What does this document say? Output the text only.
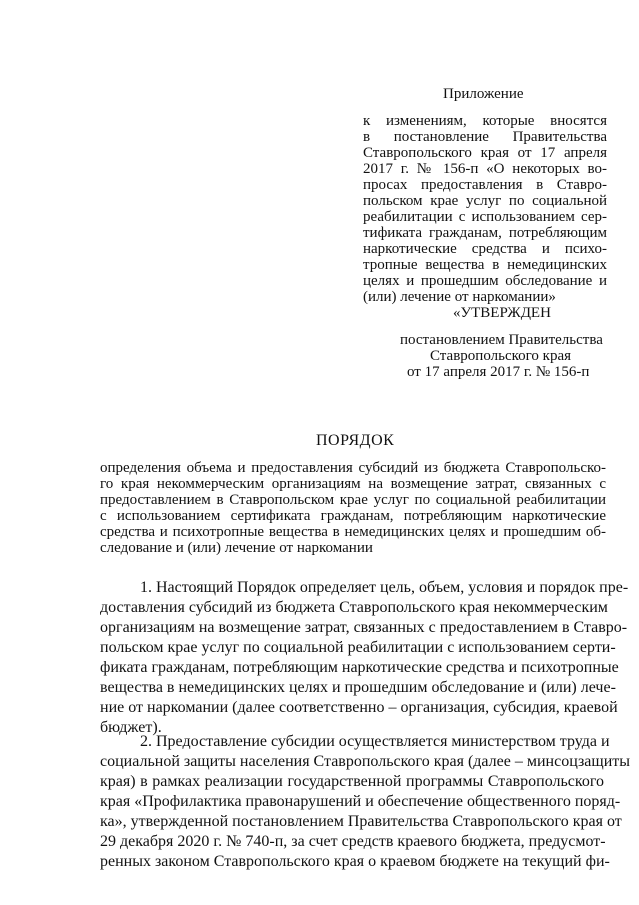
Приложение
к изменениям, которые вносятся
в постановление Правительства
Ставропольского края от 17 апреля
2017 г. № 156-п «О некоторых во-
просах предоставления в Ставро-
польском крае услуг по социальной
реабилитации с использованием сер-
тификата гражданам, потребляющим
наркотические средства и психо-
тропные вещества в немедицинских
целях и прошедшим обследование и
(или) лечение от наркомании»
«УТВЕРЖДЕН
постановлением Правительства
Ставропольского края
от 17 апреля 2017 г. № 156-п
ПОРЯДОК
определения объема и предоставления субсидий из бюджета Ставропольско-
го края некоммерческим организациям на возмещение затрат, связанных с
предоставлением в Ставропольском крае услуг по социальной реабилитации
с использованием сертификата гражданам, потребляющим наркотические
средства и психотропные вещества в немедицинских целях и прошедшим об-
следование и (или) лечение от наркомании
1. Настоящий Порядок определяет цель, объем, условия и порядок пре-
доставления субсидий из бюджета Ставропольского края некоммерческим
организациям на возмещение затрат, связанных с предоставлением в Ставро-
польском крае услуг по социальной реабилитации с использованием серти-
фиката гражданам, потребляющим наркотические средства и психотропные
вещества в немедицинских целях и прошедшим обследование и (или) лече-
ние от наркомании (далее соответственно – организация, субсидия, краевой
бюджет).
2. Предоставление субсидии осуществляется министерством труда и
социальной защиты населения Ставропольского края (далее – минсоцзащиты
края) в рамках реализации государственной программы Ставропольского
края «Профилактика правонарушений и обеспечение общественного поряд-
ка», утвержденной постановлением Правительства Ставропольского края от
29 декабря 2020 г. № 740-п, за счет средств краевого бюджета, предусмот-
ренных законом Ставропольского края о краевом бюджете на текущий фи-
